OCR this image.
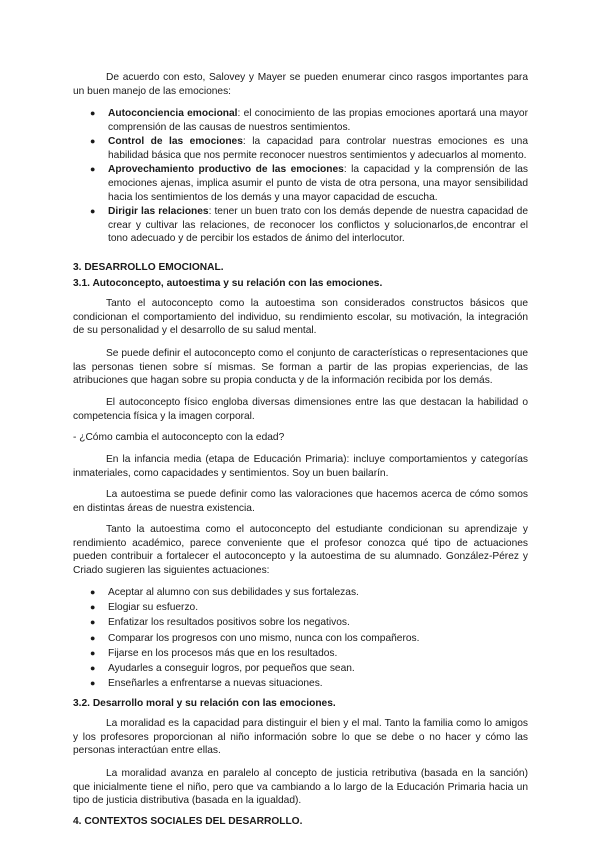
De acuerdo con esto, Salovey y Mayer se pueden enumerar cinco rasgos importantes para un buen manejo de las emociones:

● Autoconciencia emocional: el conocimiento de las propias emociones aportará una mayor comprensión de las causas de nuestros sentimientos.
● Control de las emociones: la capacidad para controlar nuestras emociones es una habilidad básica que nos permite reconocer nuestros sentimientos y adecuarlos al momento.
● Aprovechamiento productivo de las emociones: la capacidad y la comprensión de las emociones ajenas, implica asumir el punto de vista de otra persona, una mayor sensibilidad hacia los sentimientos de los demás y una mayor capacidad de escucha.
● Dirigir las relaciones: tener un buen trato con los demás depende de nuestra capacidad de crear y cultivar las relaciones, de reconocer los conflictos y solucionarlos,de encontrar el tono adecuado y de percibir los estados de ánimo del interlocutor.
3. DESARROLLO EMOCIONAL.
3.1. Autoconcepto, autoestima y su relación con las emociones.

Tanto el autoconcepto como la autoestima son considerados constructos básicos que condicionan el comportamiento del individuo, su rendimiento escolar, su motivación, la integración de su personalidad y el desarrollo de su salud mental.

Se puede definir el autoconcepto como el conjunto de características o representaciones que las personas tienen sobre sí mismas. Se forman a partir de las propias experiencias, de las atribuciones que hagan sobre su propia conducta y de la información recibida por los demás.

El autoconcepto físico engloba diversas dimensiones entre las que destacan la habilidad o competencia física y la imagen corporal.

- ¿Cómo cambia el autoconcepto con la edad?

En la infancia media (etapa de Educación Primaria): incluye comportamientos y categorías inmateriales, como capacidades y sentimientos. Soy un buen bailarín.

La autoestima se puede definir como las valoraciones que hacemos acerca de cómo somos en distintas áreas de nuestra existencia.

Tanto la autoestima como el autoconcepto del estudiante condicionan su aprendizaje y rendimiento académico, parece conveniente que el profesor conozca qué tipo de actuaciones pueden contribuir a fortalecer el autoconcepto y la autoestima de su alumnado. González-Pérez y Criado sugieren las siguientes actuaciones:

● Aceptar al alumno con sus debilidades y sus fortalezas.
● Elogiar su esfuerzo.
● Enfatizar los resultados positivos sobre los negativos.
● Comparar los progresos con uno mismo, nunca con los compañeros.
● Fijarse en los procesos más que en los resultados.
● Ayudarles a conseguir logros, por pequeños que sean.
● Enseñarles a enfrentarse a nuevas situaciones.
3.2. Desarrollo moral y su relación con las emociones.

La moralidad es la capacidad para distinguir el bien y el mal. Tanto la familia como lo amigos y los profesores proporcionan al niño información sobre lo que se debe o no hacer y cómo las personas interactúan entre ellas.

La moralidad avanza en paralelo al concepto de justicia retributiva (basada en la sanción) que inicialmente tiene el niño, pero que va cambiando a lo largo de la Educación Primaria hacia un tipo de justicia distributiva (basada en la igualdad).

4. CONTEXTOS SOCIALES DEL DESARROLLO.
